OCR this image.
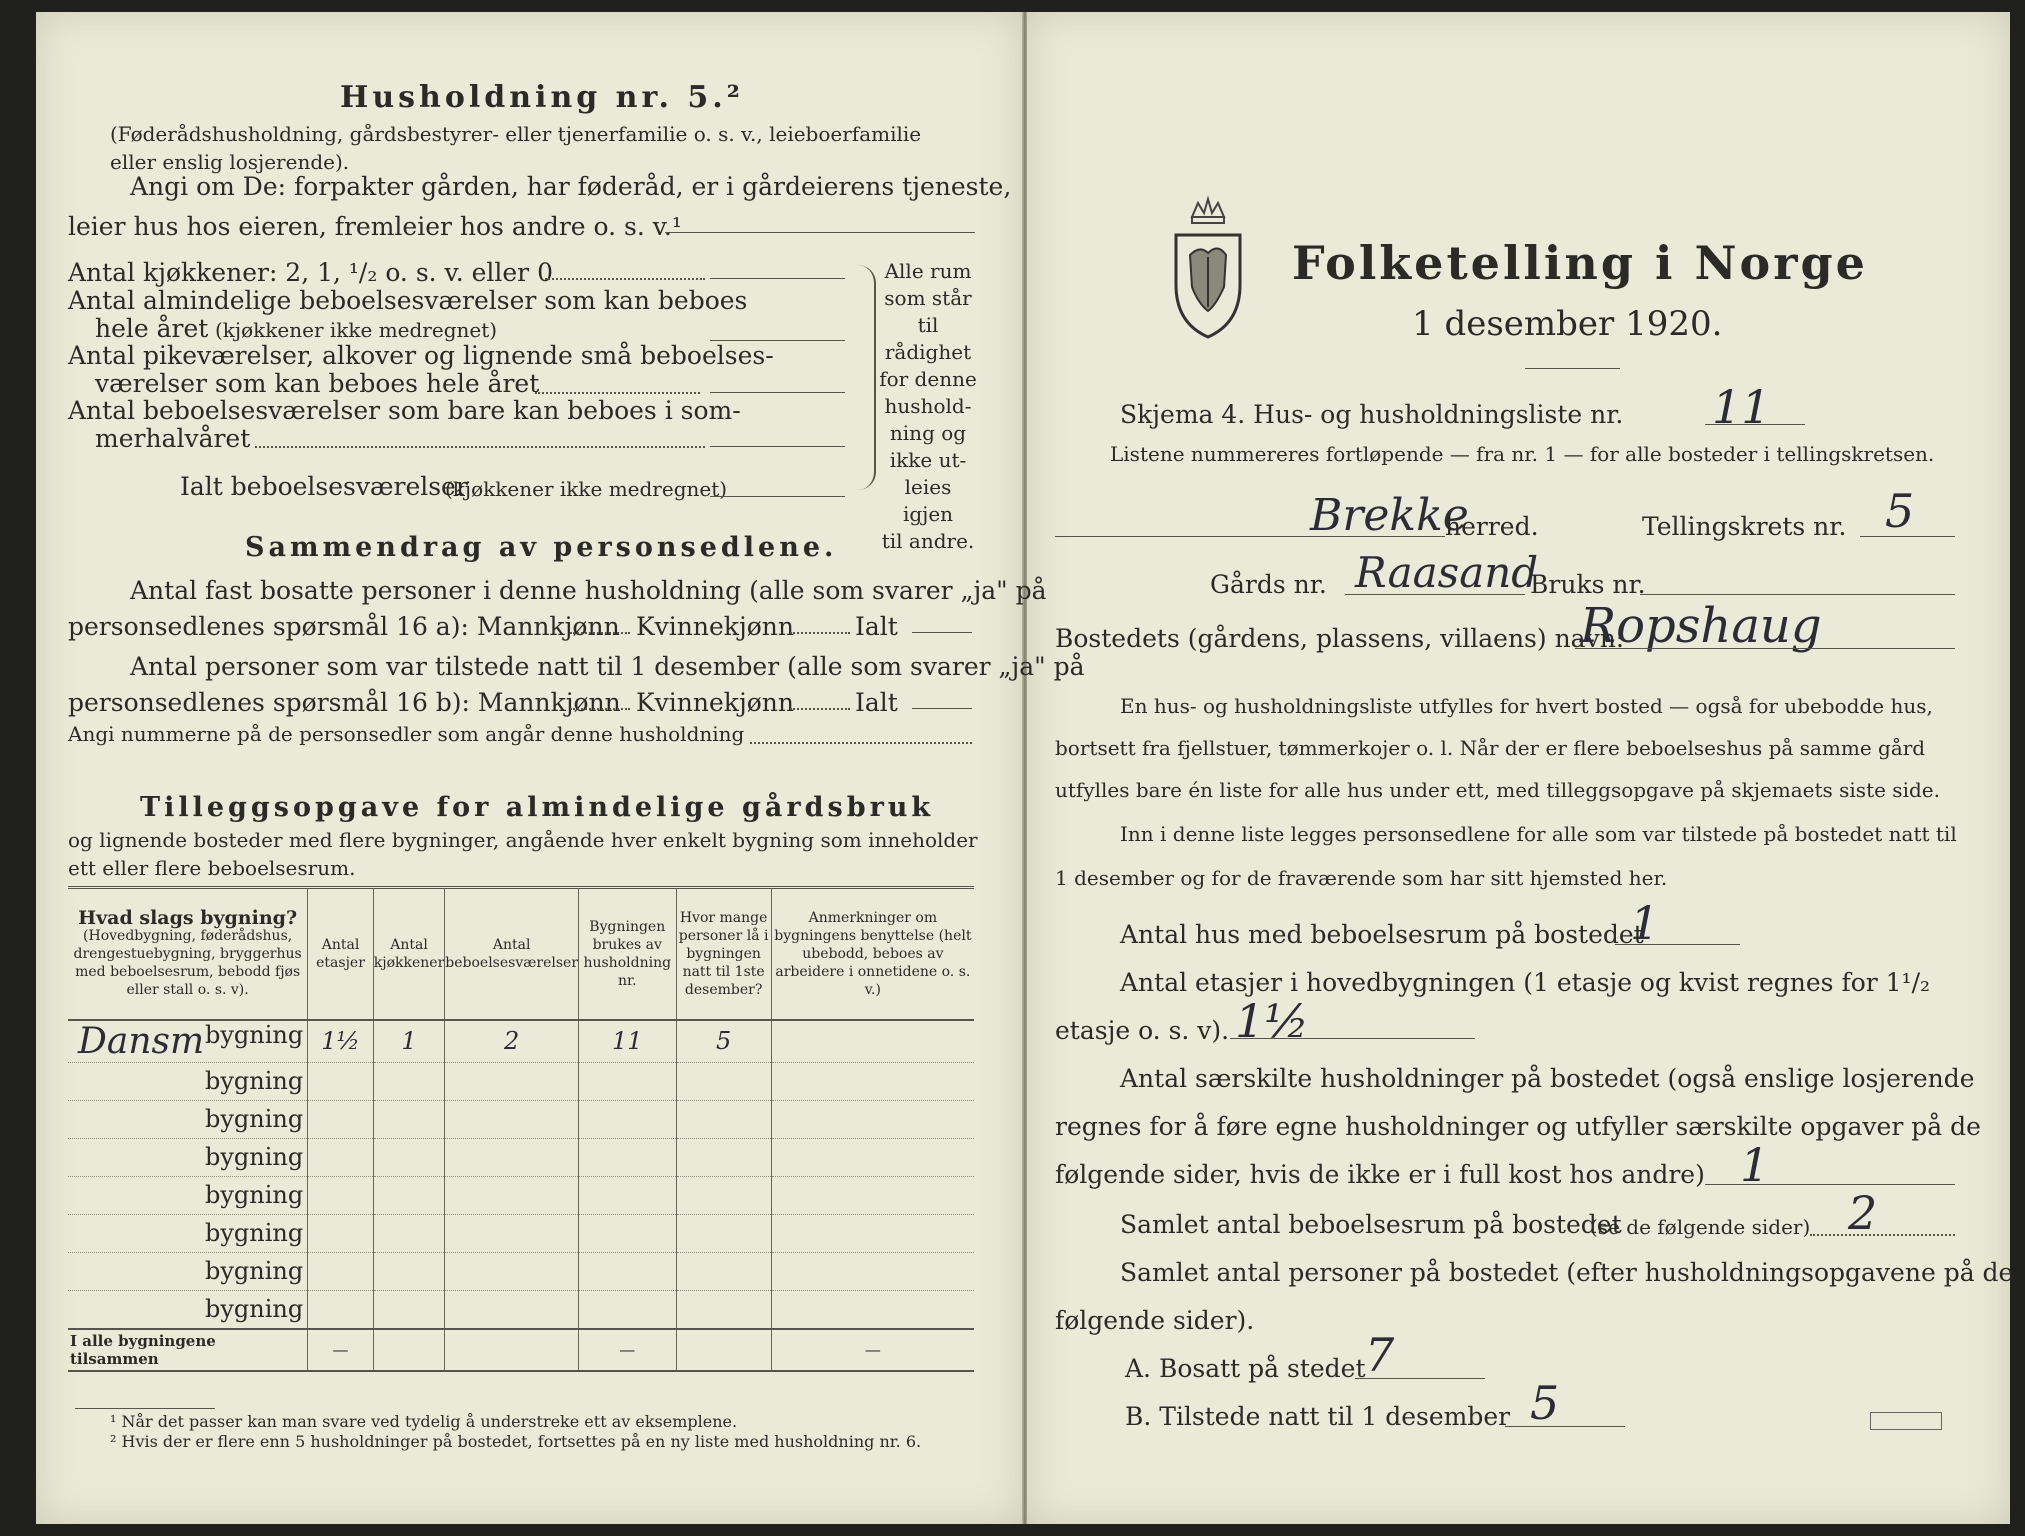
Husholdning nr. 5.²
(Føderådshusholdning, gårdsbestyrer- eller tjenerfamilie o. s. v., leieboerfamilie eller enslig losjerende).
Angi om De: forpakter gården, har føderåd, er i gårdeierens tjeneste,
leier hus hos eieren, fremleier hos andre o. s. v.¹
Antal kjøkkener: 2, 1, ¹/₂ o. s. v. eller 0
Antal almindelige beboelsesværelser som kan beboes
hele året (kjøkkener ikke medregnet)
Antal pikeværelser, alkover og lignende små beboelses-
værelser som kan beboes hele året
Antal beboelsesværelser som bare kan beboes i som-
merhalvåret
Ialt beboelsesværelser
(kjøkkener ikke medregnet)
Alle rum
som står til
rådighet
for denne
hushold-
ning og
ikke ut-
leies igjen
til andre.
Sammendrag av personsedlene.
Antal fast bosatte personer i denne husholdning (alle som svarer „ja" på
personsedlenes spørsmål 16 a): Mannkjønn Kvinnekjønn Ialt
Antal personer som var tilstede natt til 1 desember (alle som svarer „ja" på
personsedlenes spørsmål 16 b): Mannkjønn Kvinnekjønn Ialt
Angi nummerne på de personsedler som angår denne husholdning
Tilleggsopgave for almindelige gårdsbruk
og lignende bosteder med flere bygninger, angående hver enkelt bygning som inneholder
ett eller flere beboelsesrum.
Hvad slags bygning?
(Hovedbygning, føderådshus, drengestuebygning, bryggerhus med beboelsesrum, bebodd fjøs eller stall o. s. v).	Antal etasjer	Antal kjøkkener	Antal beboelsesværelser	Bygningen brukes av husholdning nr.	Hvor mange personer lå i bygningen natt til 1ste desember?	Anmerkninger om bygningens benyttelse (helt ubebodd, beboes av arbeidere i onnetidene o. s. v.)

Dansm bygning	1½	1	2	11	5	

bygning						

bygning						

bygning						

bygning						

bygning						

bygning						

bygning						
I alle bygningene tilsammen	—			—		—
¹ Når det passer kan man svare ved tydelig å understreke ett av eksemplene.
² Hvis der er flere enn 5 husholdninger på bostedet, fortsettes på en ny liste med husholdning nr. 6.
Folketelling i Norge
1 desember 1920.
Skjema 4. Hus- og husholdningsliste nr. 11
Listene nummereres fortløpende — fra nr. 1 — for alle bosteder i tellingskretsen.
Brekke
herred.	Tellingskrets nr. 5
Gårds nr. Raasand
Bruks nr.
Bostedets (gårdens, plassens, villaens) navn:
Ropshaug
En hus- og husholdningsliste utfylles for hvert bosted — også for ubebodde hus,
bortsett fra fjellstuer, tømmerkojer o. l. Når der er flere beboelseshus på samme gård
utfylles bare én liste for alle hus under ett, med tilleggsopgave på skjemaets siste side.
Inn i denne liste legges personsedlene for alle som var tilstede på bostedet natt til
1 desember og for de fraværende som har sitt hjemsted her.
Antal hus med beboelsesrum på bostedet
1
Antal etasjer i hovedbygningen (1 etasje og kvist regnes for 1¹/₂
etasje o. s. v). 1½
Antal særskilte husholdninger på bostedet (også enslige losjerende
regnes for å føre egne husholdninger og utfyller særskilte opgaver på de
følgende sider, hvis de ikke er i full kost hos andre) 1
Samlet antal beboelsesrum på bostedet
(se de følgende sider) 2
Samlet antal personer på bostedet (efter husholdningsopgavene på de
følgende sider).
A. Bosatt på stedet 7
B. Tilstede natt til 1 desember 5
